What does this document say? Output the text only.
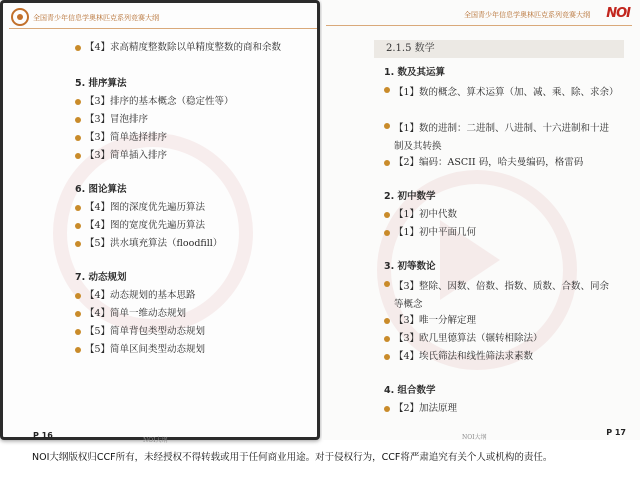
全国青少年信息学奥林匹克系列竞赛大纲
【4】求高精度整数除以单精度整数的商和余数
5. 排序算法
【3】排序的基本概念（稳定性等）
【3】冒泡排序
【3】简单选择排序
【3】简单插入排序
6. 图论算法
【4】图的深度优先遍历算法
【4】图的宽度优先遍历算法
【5】洪水填充算法（floodfill）
7. 动态规划
【4】动态规划的基本思路
【4】简单一维动态规划
【5】简单背包类型动态规划
【5】简单区间类型动态规划
P 16
NOI大纲
全国青少年信息学奥林匹克系列竞赛大纲 NOI
2.1.5 数学
1. 数及其运算
【1】数的概念、算术运算（加、减、乘、除、求余）
【1】数的进制：二进制、八进制、十六进制和十进制及其转换
【2】编码：ASCII 码，哈夫曼编码，格雷码
2. 初中数学
【1】初中代数
【1】初中平面几何
3. 初等数论
【3】整除、因数、倍数、指数、质数、合数、同余等概念
【3】唯一分解定理
【3】欧几里德算法（辗转相除法）
【4】埃氏筛法和线性筛法求素数
4. 组合数学
【2】加法原理
NOI大纲
P 17
NOI大纲版权归CCF所有，未经授权不得转载或用于任何商业用途。对于侵权行为，CCF将严肃追究有关个人或机构的责任。
